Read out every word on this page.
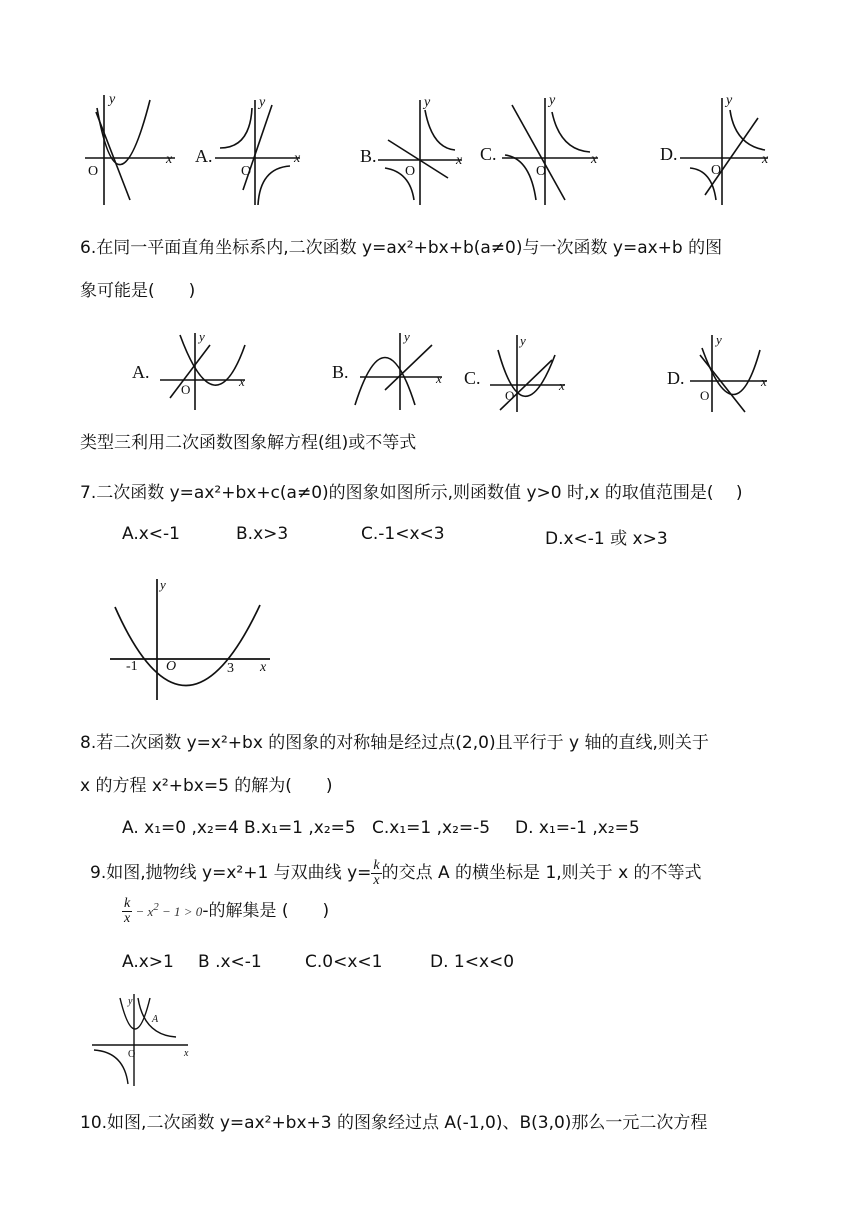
y
x
O
y
x
O
y
x
O
y
x
O
y
x
O
A.	B.	C.	D.
6.在同一平面直角坐标系内,二次函数 y=ax²+bx+b(a≠0)与一次函数 y=ax+b 的图
象可能是(　　)
y
x
O
y
x
y
x
O
y
x
O
A.	B.	C.	D.
类型三利用二次函数图象解方程(组)或不等式
7.二次函数 y=ax²+bx+c(a≠0)的图象如图所示,则函数值 y>0 时,x 的取值范围是(　 )
A.x<-1	B.x>3	C.-1<x<3	D.x<-1 或 x>3
y
x
-1 O	3
8.若二次函数 y=x²+bx 的图象的对称轴是经过点(2,0)且平行于 y 轴的直线,则关于
x 的方程 x²+bx=5 的解为(　　)
A. x₁=0 ,x₂=4 B.x₁=1 ,x₂=5 C.x₁=1 ,x₂=-5 D. x₁=-1 ,x₂=5
9.如图,抛物线 y=x²+1 与双曲线 $y= \frac{k}{x}$ 的交点 A 的横坐标是 1,则关于 x 的不等式
$\frac{k}{x} - x^2 - 1 > 0-$的解集是 (　　)
A.x>1 B .x<-1	C.0<x<1	D. 1<x<0
y
x
O
A
10.如图,二次函数 y=ax²+bx+3 的图象经过点 A(-1,0)、B(3,0)那么一元二次方程
